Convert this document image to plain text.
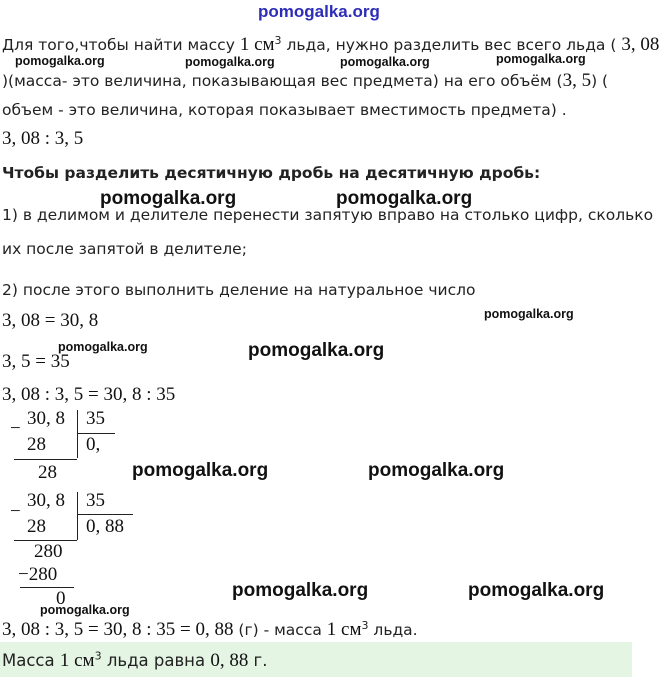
pomogalka.org
Для того,чтобы найти массу 1 $см^3$ льда, нужно разделить вес всего льда ( 3, 08
)(масса- это величина, показывающая вес предмета) на его объём (3, 5) (
объем - это величина, которая показывает вместимость предмета) .
3, 08 : 3, 5
Чтобы разделить десятичную дробь на десятичную дробь:
1) в делимом и делителе перенести запятую вправо на столько цифр, сколько
их после запятой в делителе;
2) после этого выполнить деление на натуральное число
3, 08 = 30, 8
3, 5 = 35
3, 08 : 3, 5 = 30, 8 : 35
− 30, 8 35
28 0,
28
−
30, 8 35
28 0, 88
280
−280
0
3, 08 : 3, 5 = 30, 8 : 35 = 0, 88 (г) - масса 1 $см^3$ льда.
Масса 1 $см^3$ льда равна 0, 88 г.
pomogalka.org	pomogalka.org	pomogalka.org	pomogalka.org
pomogalka.org	pomogalka.org
pomogalka.org
pomogalka.org	pomogalka.org
pomogalka.org	pomogalka.org
pomogalka.org	pomogalka.org
pomogalka.org
